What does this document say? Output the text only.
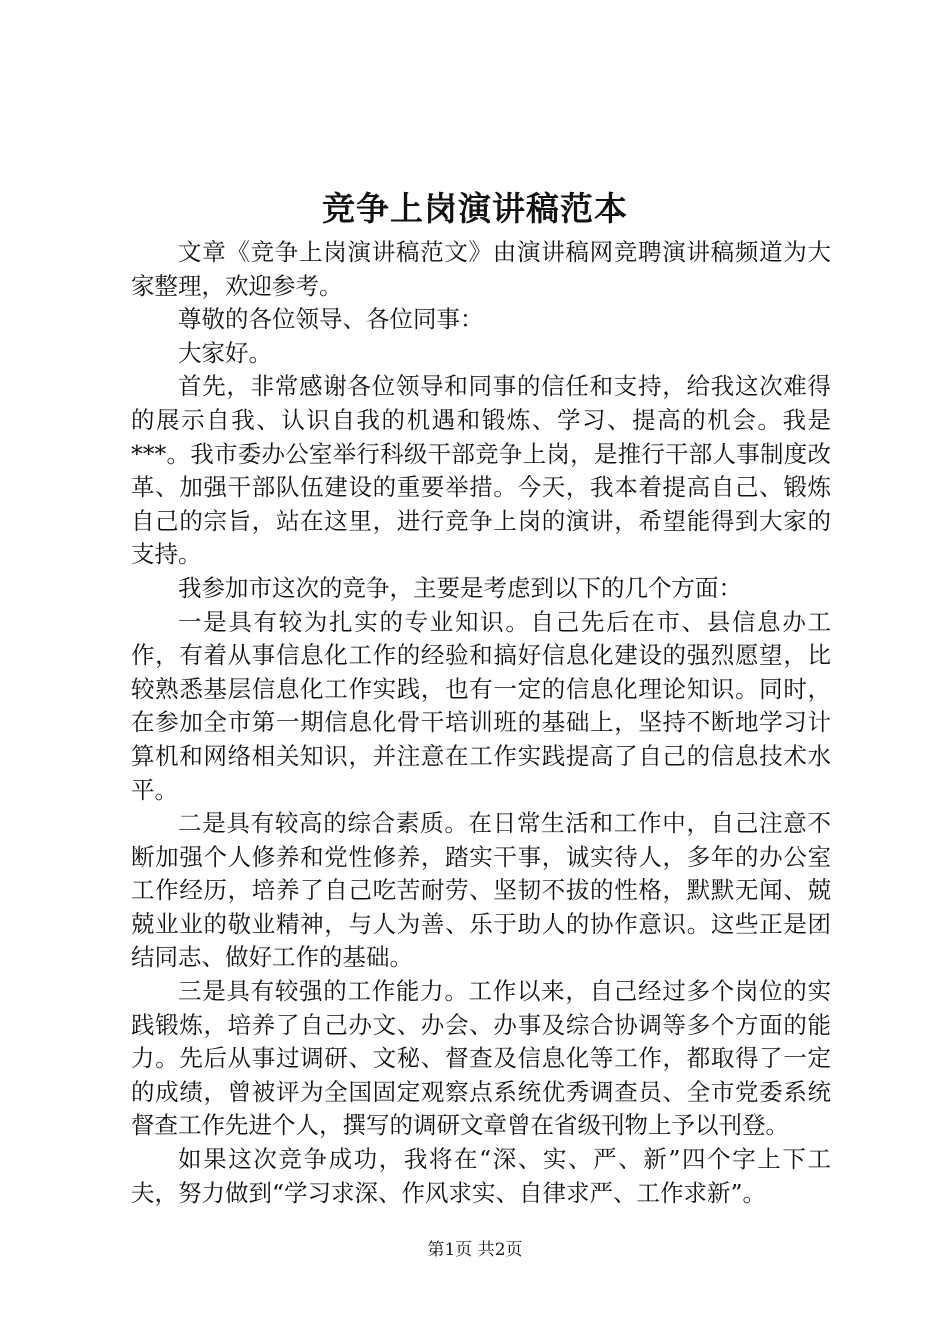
竞争上岗演讲稿范本

文章《竞争上岗演讲稿范文》由演讲稿网竞聘演讲稿频道为大家整理，欢迎参考。

尊敬的各位领导、各位同事：

大家好。

首先，非常感谢各位领导和同事的信任和支持，给我这次难得的展示自我、认识自我的机遇和锻炼、学习、提高的机会。我是***。我市委办公室举行科级干部竞争上岗，是推行干部人事制度改革、加强干部队伍建设的重要举措。今天，我本着提高自己、锻炼自己的宗旨，站在这里，进行竞争上岗的演讲，希望能得到大家的支持。

我参加市这次的竞争，主要是考虑到以下的几个方面：

一是具有较为扎实的专业知识。自己先后在市、县信息办工作，有着从事信息化工作的经验和搞好信息化建设的强烈愿望，比较熟悉基层信息化工作实践，也有一定的信息化理论知识。同时，在参加全市第一期信息化骨干培训班的基础上，坚持不断地学习计算机和网络相关知识，并注意在工作实践提高了自己的信息技术水平。

二是具有较高的综合素质。在日常生活和工作中，自己注意不断加强个人修养和党性修养，踏实干事，诚实待人，多年的办公室工作经历，培养了自己吃苦耐劳、坚韧不拔的性格，默默无闻、兢兢业业的敬业精神，与人为善、乐于助人的协作意识。这些正是团结同志、做好工作的基础。

三是具有较强的工作能力。工作以来，自己经过多个岗位的实践锻炼，培养了自己办文、办会、办事及综合协调等多个方面的能力。先后从事过调研、文秘、督查及信息化等工作，都取得了一定的成绩，曾被评为全国固定观察点系统优秀调查员、全市党委系统督查工作先进个人，撰写的调研文章曾在省级刊物上予以刊登。

如果这次竞争成功，我将在“深、实、严、新”四个字上下工夫，努力做到“学习求深、作风求实、自律求严、工作求新”。

第1页 共2页
